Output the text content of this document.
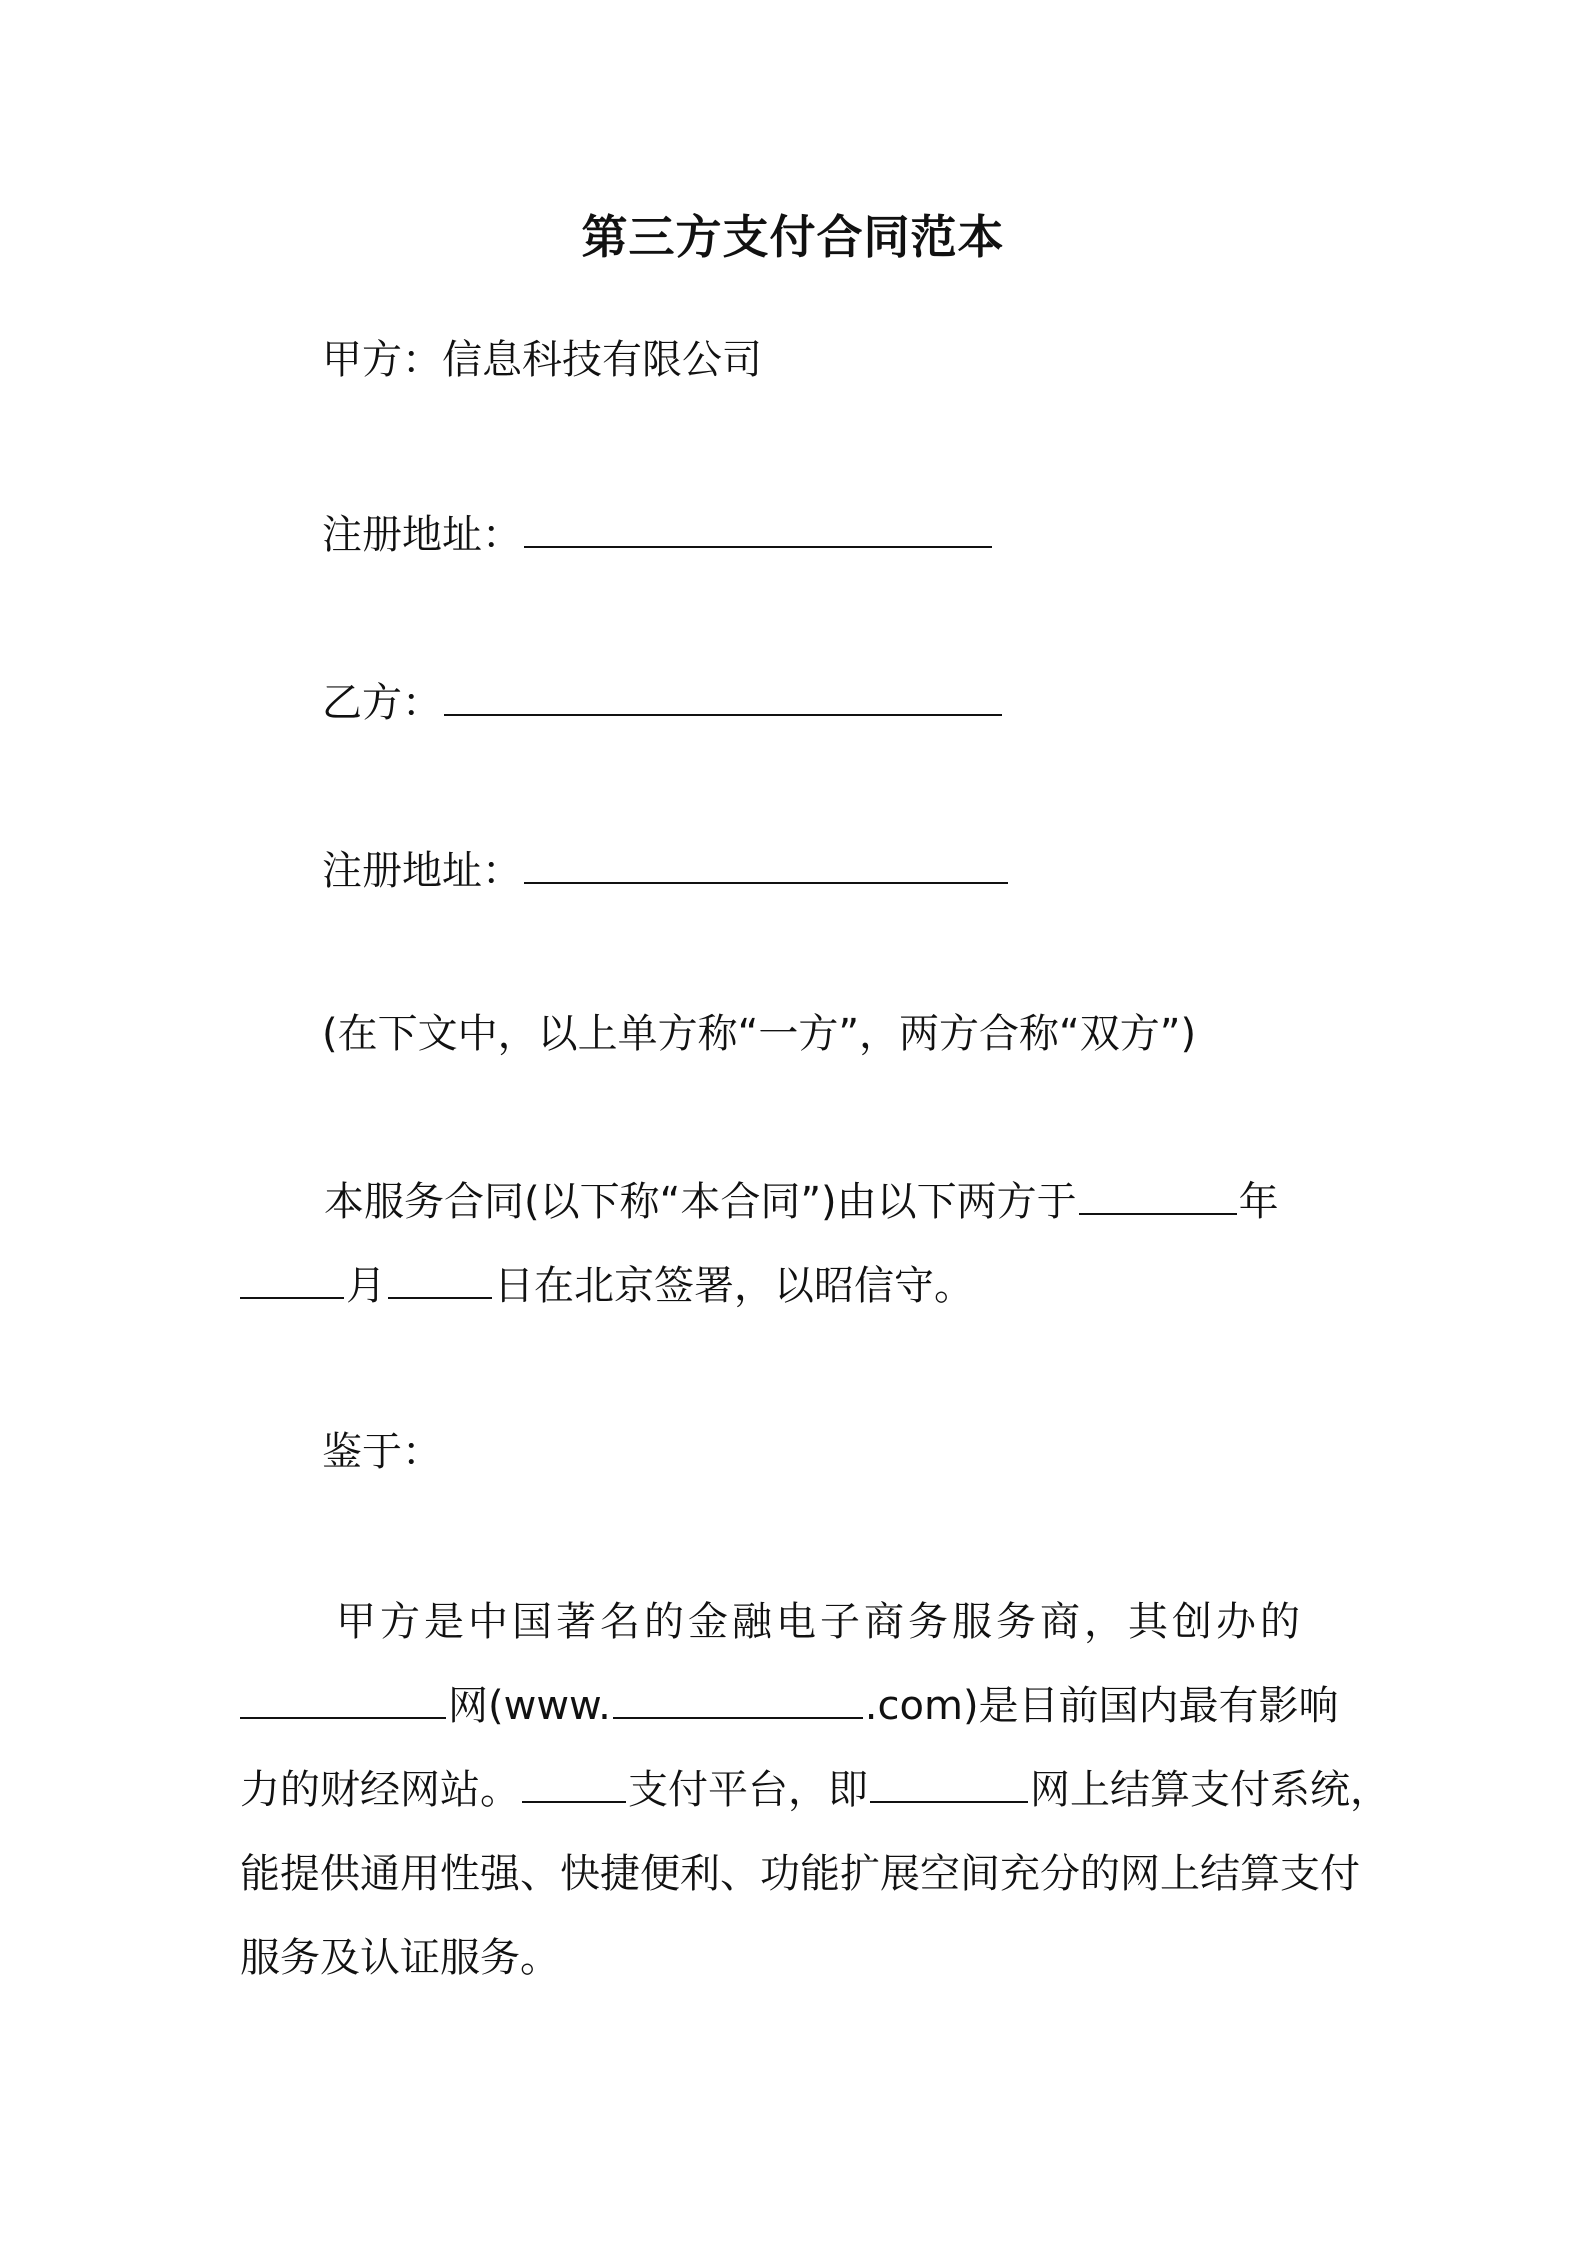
第三方支付合同范本
甲方：信息科技有限公司
注册地址：
乙方：
注册地址：
(在下文中，以上单方称“一方”，两方合称“双方”)
本服务合同(以下称“本合同”)由以下两方于	年
月	日在北京签署，以昭信守。
鉴于：
甲方是中国著名的金融电子商务服务商，其创办的
网(www.	.com)是目前国内最有影响
力的财经网站。	支付平台，即	网上结算支付系统，
能提供通用性强、快捷便利、功能扩展空间充分的网上结算支付
服务及认证服务。
